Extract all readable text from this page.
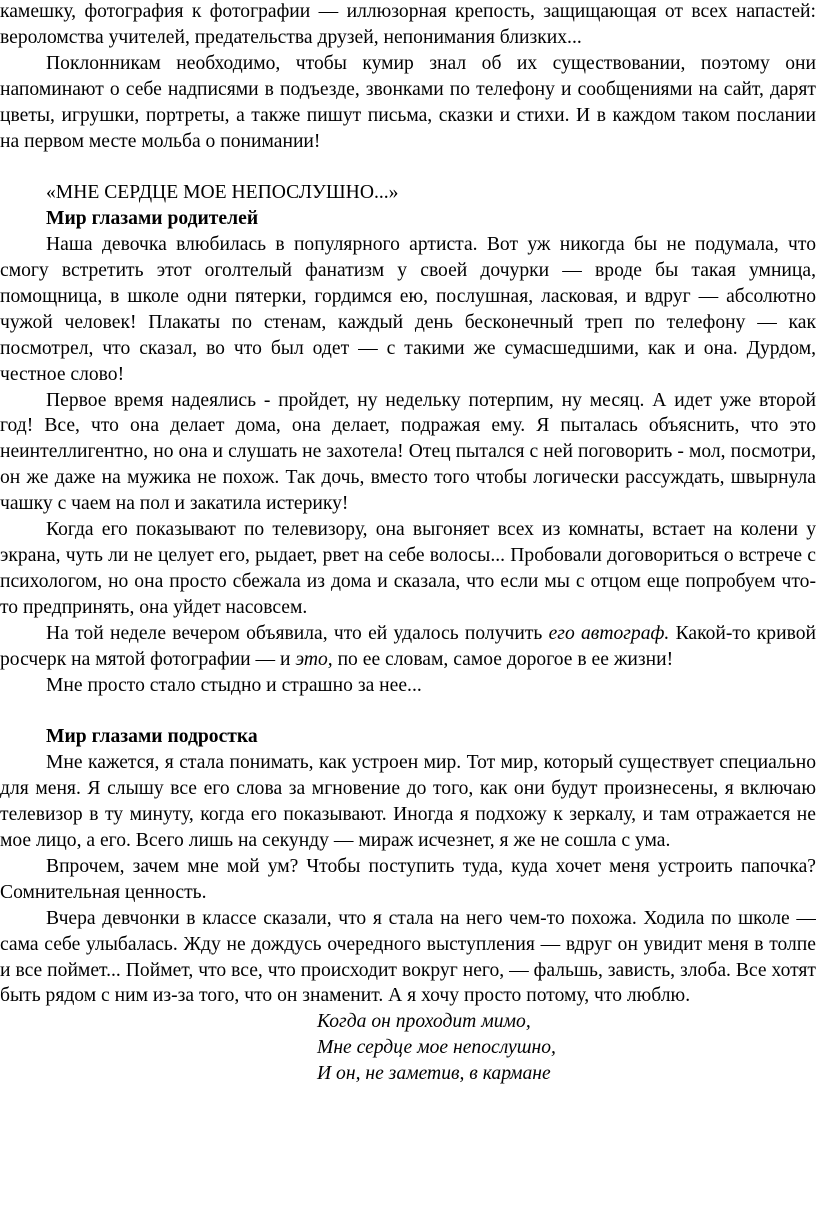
камешку, фотография к фотографии — иллюзорная крепость, защищающая от всех напастей:

вероломства учителей, предательства друзей, непонимания близких...

Поклонникам необходимо, чтобы кумир знал об их существовании, поэтому они напоминают о себе надписями в подъезде, звонками по телефону и сообщениями на сайт, дарят цветы, игрушки, портреты, а также пишут письма, сказки и стихи. И в каждом таком послании на первом месте мольба о понимании!

«МНЕ СЕРДЦЕ МОЕ НЕПОСЛУШНО...»

Мир глазами родителей

Наша девочка влюбилась в популярного артиста. Вот уж никогда бы не подумала, что смогу встретить этот оголтелый фанатизм у своей дочурки — вроде бы такая умница, помощница, в школе одни пятерки, гордимся ею, послушная, ласковая, и вдруг — абсолютно чужой человек! Плакаты по стенам, каждый день бесконечный треп по телефону — как посмотрел, что сказал, во что был одет — с такими же сумасшедшими, как и она. Дурдом, честное слово!

Первое время надеялись - пройдет, ну недельку потерпим, ну месяц. А идет уже второй год! Все, что она делает дома, она делает, подражая ему. Я пыталась объяснить, что это неинтеллигентно, но она и слушать не захотела! Отец пытался с ней поговорить - мол, посмотри, он же даже на мужика не похож. Так дочь, вместо того чтобы логически рассуждать, швырнула чашку с чаем на пол и закатила истерику!

Когда его показывают по телевизору, она выгоняет всех из комнаты, встает на колени у экрана, чуть ли не целует его, рыдает, рвет на себе волосы... Пробовали договориться о встрече с психологом, но она просто сбежала из дома и сказала, что если мы с отцом еще попробуем что-то предпринять, она уйдет насовсем.

На той неделе вечером объявила, что ей удалось получить его автограф. Какой-то кривой росчерк на мятой фотографии — и это, по ее словам, самое дорогое в ее жизни!

Мне просто стало стыдно и страшно за нее...

Мир глазами подростка

Мне кажется, я стала понимать, как устроен мир. Тот мир, который существует специально для меня. Я слышу все его слова за мгновение до того, как они будут произнесены, я включаю телевизор в ту минуту, когда его показывают. Иногда я подхожу к зеркалу, и там отражается не мое лицо, а его. Всего лишь на секунду — мираж исчезнет, я же не сошла с ума.

Впрочем, зачем мне мой ум? Чтобы поступить туда, куда хочет меня устроить папочка? Сомнительная ценность.

Вчера девчонки в классе сказали, что я стала на него чем-то похожа. Ходила по школе — сама себе улыбалась. Жду не дождусь очередного выступления — вдруг он увидит меня в толпе и все поймет... Поймет, что все, что происходит вокруг него, — фальшь, зависть, злоба. Все хотят быть рядом с ним из-за того, что он знаменит. А я хочу просто потому, что люблю.

Когда он проходит мимо,

Мне сердце мое непослушно,

И он, не заметив, в кармане
